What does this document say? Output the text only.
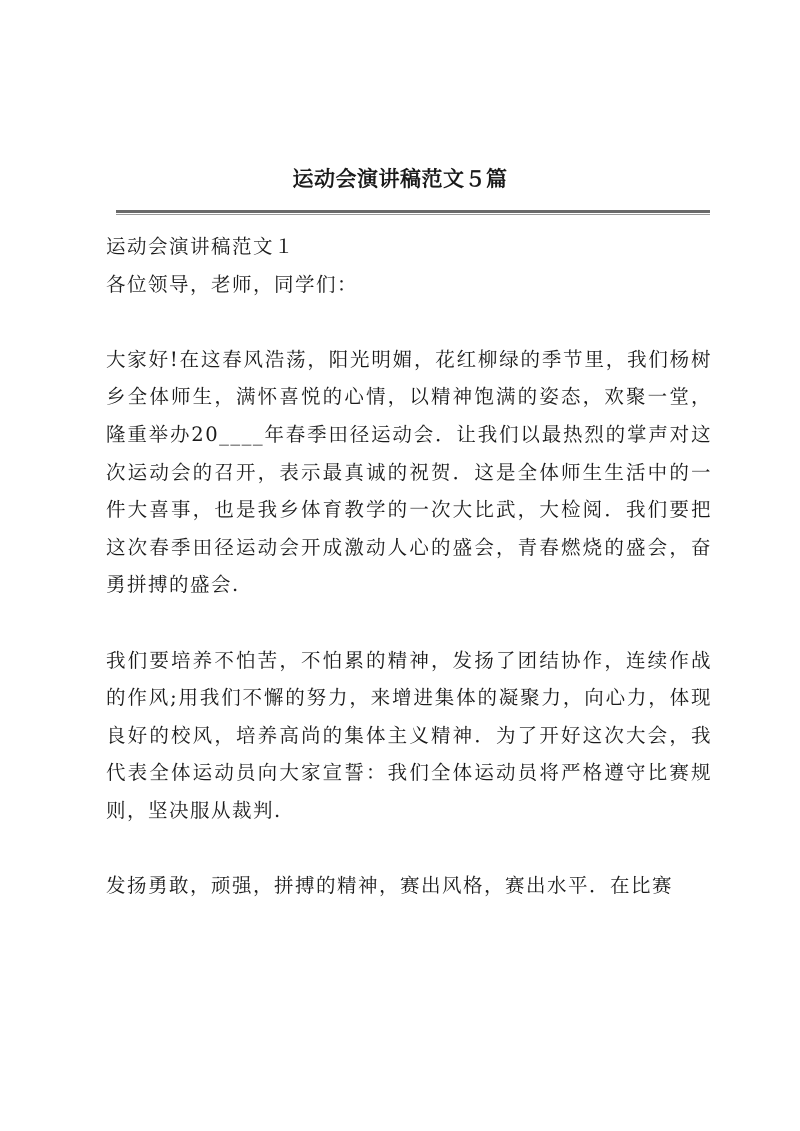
运动会演讲稿范文５篇

运动会演讲稿范文１

各位领导，老师，同学们：

大家好!在这春风浩荡，阳光明媚，花红柳绿的季节里，我们杨树乡全体师生，满怀喜悦的心情，以精神饱满的姿态，欢聚一堂，隆重举办20____年春季田径运动会．让我们以最热烈的掌声对这次运动会的召开，表示最真诚的祝贺．这是全体师生生活中的一件大喜事，也是我乡体育教学的一次大比武，大检阅．我们要把这次春季田径运动会开成激动人心的盛会，青春燃烧的盛会，奋勇拼搏的盛会.

我们要培养不怕苦，不怕累的精神，发扬了团结协作，连续作战的作风;用我们不懈的努力，来增进集体的凝聚力，向心力，体现良好的校风，培养高尚的集体主义精神．为了开好这次大会，我代表全体运动员向大家宣誓：我们全体运动员将严格遵守比赛规则，坚决服从裁判.

发扬勇敢，顽强，拼搏的精神，赛出风格，赛出水平．在比赛
